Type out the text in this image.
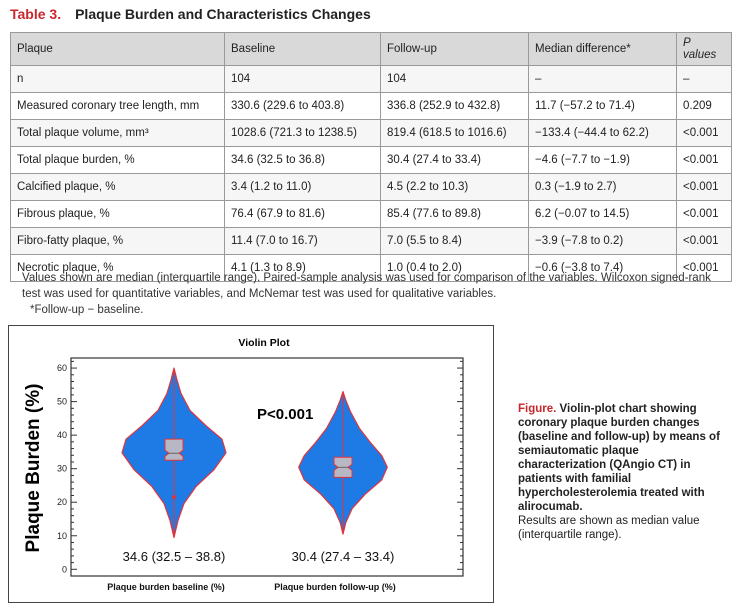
Table 3. Plaque Burden and Characteristics Changes
Plaque	Baseline	Follow-up	Median difference*	P values
n	104	104	–	–
Measured coronary tree length, mm	330.6 (229.6 to 403.8)	336.8 (252.9 to 432.8)	11.7 (−57.2 to 71.4)	0.209
Total plaque volume, mm³	1028.6 (721.3 to 1238.5)	819.4 (618.5 to 1016.6)	−133.4 (−44.4 to 62.2)	<0.001
Total plaque burden, %	34.6 (32.5 to 36.8)	30.4 (27.4 to 33.4)	−4.6 (−7.7 to −1.9)	<0.001
Calcified plaque, %	3.4 (1.2 to 11.0)	4.5 (2.2 to 10.3)	0.3 (−1.9 to 2.7)	<0.001
Fibrous plaque, %	76.4 (67.9 to 81.6)	85.4 (77.6 to 89.8)	6.2 (−0.07 to 14.5)	<0.001
Fibro-fatty plaque, %	11.4 (7.0 to 16.7)	7.0 (5.5 to 8.4)	−3.9 (−7.8 to 0.2)	<0.001
Necrotic plaque, %	4.1 (1.3 to 8.9)	1.0 (0.4 to 2.0)	−0.6 (−3.8 to 7.4)	<0.001
Values shown are median (interquartile range). Paired-sample analysis was used for comparison of the variables. Wilcoxon signed-rank test was used for quantitative variables, and McNemar test was used for qualitative variables.
*Follow-up − baseline.
Violin Plot
Plaque Burden (%)	P<0.001
0
10
20
30
40
50
60
34.6 (32.5 – 38.8)
Plaque burden baseline (%)
30.4 (27.4 – 33.4)
Plaque burden follow-up (%)
Figure. Violin-plot chart showing coronary plaque burden changes (baseline and follow-up) by means of semiautomatic plaque characterization (QAngio CT) in patients with familial hypercholesterolemia treated with alirocumab.
Results are shown as median value (interquartile range).
